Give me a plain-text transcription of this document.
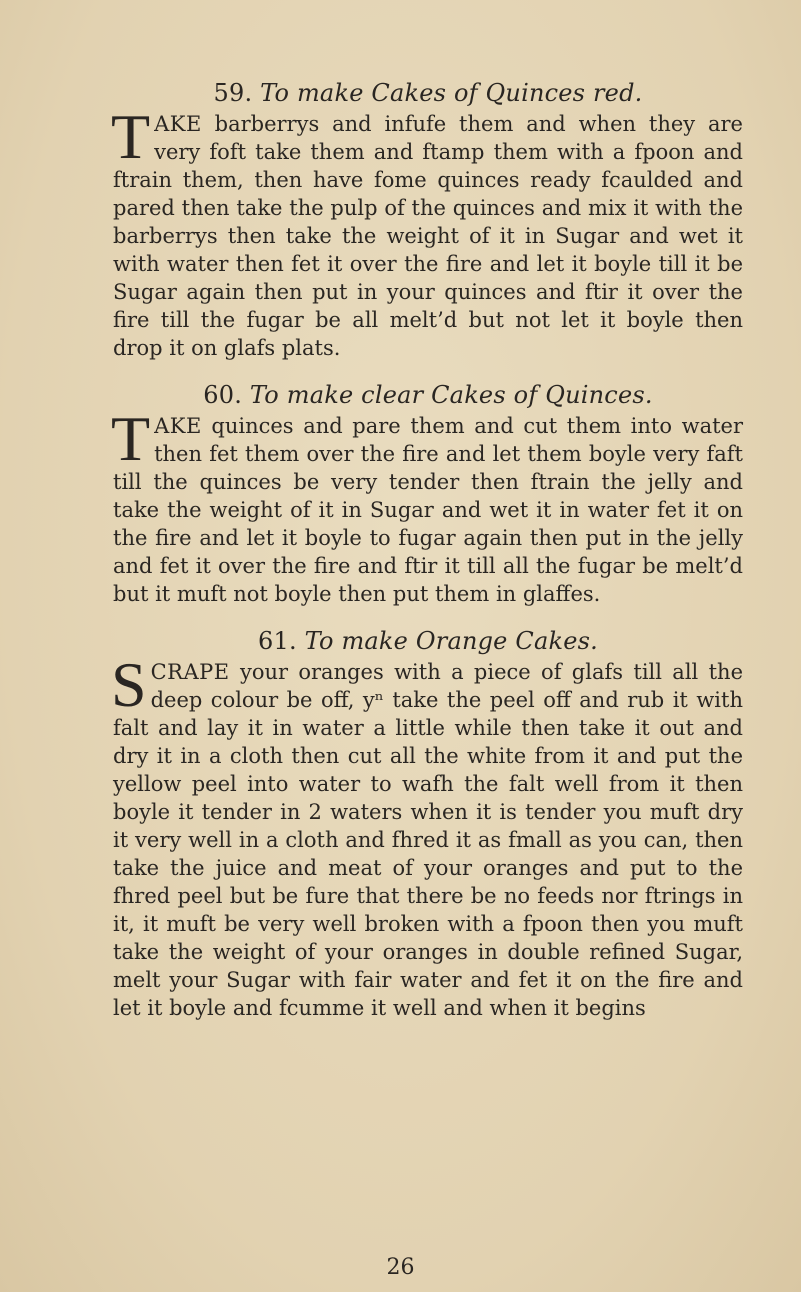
59. To make Cakes of Quinces red.

TAKE barberrys and infufe them and when they are very foft take them and ftamp them with a fpoon and ftrain them, then have fome quinces ready fcaulded and pared then take the pulp of the quinces and mix it with the barberrys then take the weight of it in Sugar and wet it with water then fet it over the fire and let it boyle till it be Sugar again then put in your quinces and ftir it over the fire till the fugar be all melt’d but not let it boyle then drop it on glafs plats.

60. To make clear Cakes of Quinces.

TAKE quinces and pare them and cut them into water then fet them over the fire and let them boyle very faft till the quinces be very tender then ftrain the jelly and take the weight of it in Sugar and wet it in water fet it on the fire and let it boyle to fugar again then put in the jelly and fet it over the fire and ftir it till all the fugar be melt’d but it muft not boyle then put them in glaffes.

61. To make Orange Cakes.

SCRAPE your oranges with a piece of glafs till all the deep colour be off, yⁿ take the peel off and rub it with falt and lay it in water a little while then take it out and dry it in a cloth then cut all the white from it and put the yellow peel into water to wafh the falt well from it then boyle it tender in 2 waters when it is tender you muft dry it very well in a cloth and fhred it as fmall as you can, then take the juice and meat of your oranges and put to the fhred peel but be fure that there be no feeds nor ftrings in it, it muft be very well broken with a fpoon then you muft take the weight of your oranges in double refined Sugar, melt your Sugar with fair water and fet it on the fire and let it boyle and fcumme it well and when it begins

26
